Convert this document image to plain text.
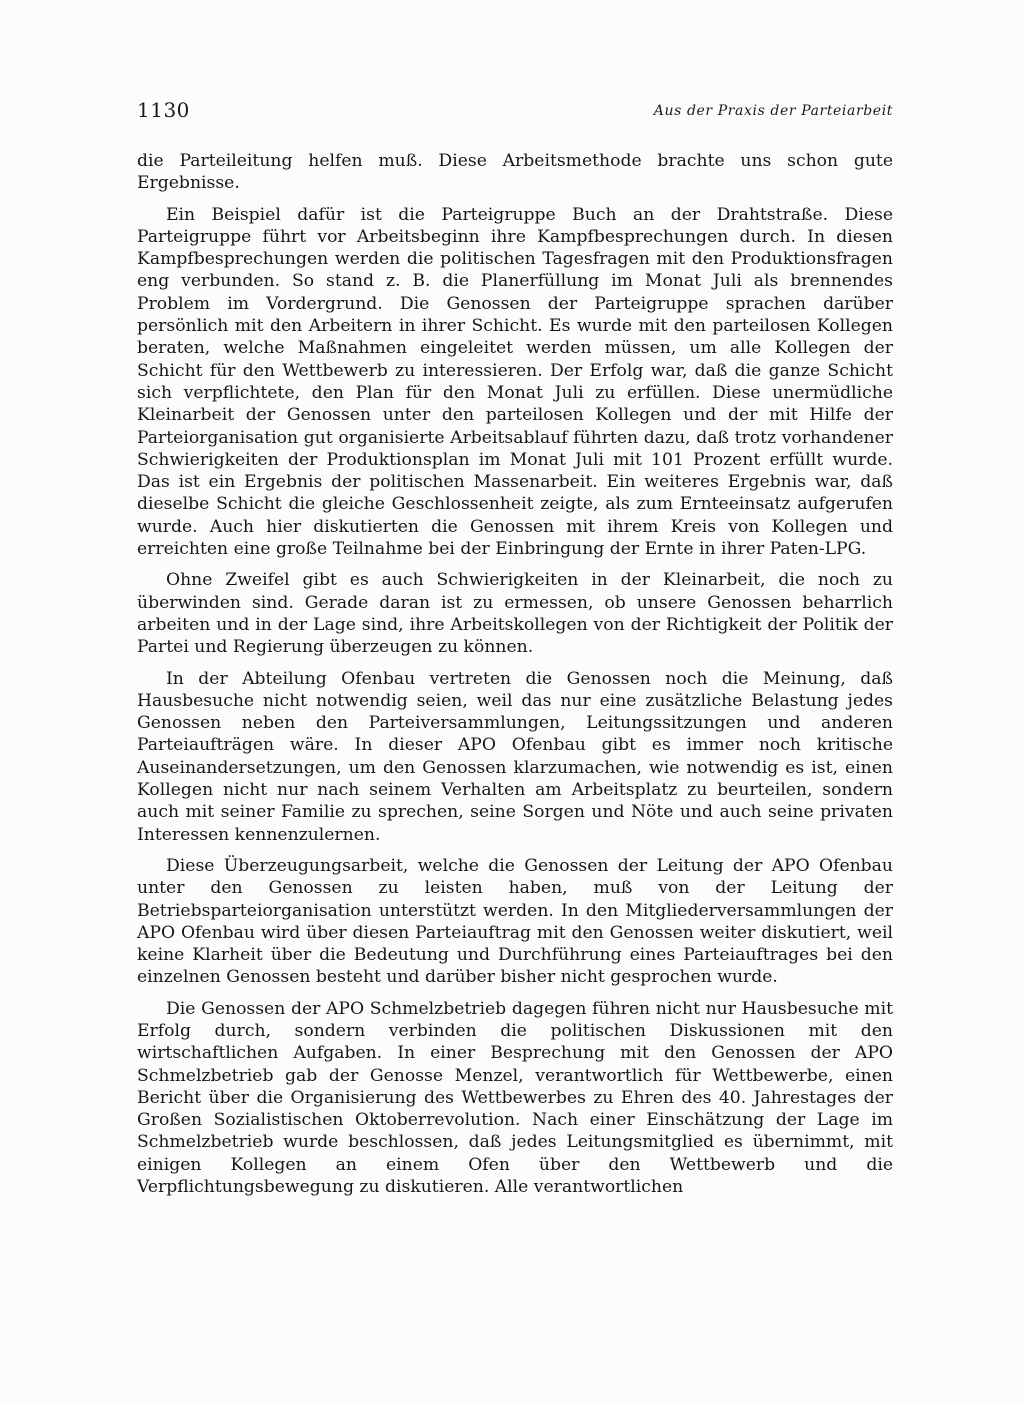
1130	Aus der Praxis der Parteiarbeit

die Parteileitung helfen muß. Diese Arbeitsmethode brachte uns schon gute Ergebnisse.

Ein Beispiel dafür ist die Parteigruppe Buch an der Drahtstraße. Diese Parteigruppe führt vor Arbeitsbeginn ihre Kampfbesprechungen durch. In diesen Kampfbesprechungen werden die politischen Tagesfragen mit den Produktionsfragen eng verbunden. So stand z. B. die Planerfüllung im Monat Juli als brennendes Problem im Vordergrund. Die Genossen der Parteigruppe sprachen darüber persönlich mit den Arbeitern in ihrer Schicht. Es wurde mit den parteilosen Kollegen beraten, welche Maßnahmen eingeleitet werden müssen, um alle Kollegen der Schicht für den Wettbewerb zu interessieren. Der Erfolg war, daß die ganze Schicht sich verpflichtete, den Plan für den Monat Juli zu erfüllen. Diese unermüdliche Kleinarbeit der Genossen unter den parteilosen Kollegen und der mit Hilfe der Parteiorganisation gut organisierte Arbeitsablauf führten dazu, daß trotz vorhandener Schwierigkeiten der Produktionsplan im Monat Juli mit 101 Prozent erfüllt wurde. Das ist ein Ergebnis der politischen Massenarbeit. Ein weiteres Ergebnis war, daß dieselbe Schicht die gleiche Geschlossenheit zeigte, als zum Ernteeinsatz aufgerufen wurde. Auch hier diskutierten die Genossen mit ihrem Kreis von Kollegen und erreichten eine große Teilnahme bei der Einbringung der Ernte in ihrer Paten-LPG.

Ohne Zweifel gibt es auch Schwierigkeiten in der Kleinarbeit, die noch zu überwinden sind. Gerade daran ist zu ermessen, ob unsere Genossen beharrlich arbeiten und in der Lage sind, ihre Arbeitskollegen von der Richtigkeit der Politik der Partei und Regierung überzeugen zu können.

In der Abteilung Ofenbau vertreten die Genossen noch die Meinung, daß Hausbesuche nicht notwendig seien, weil das nur eine zusätzliche Belastung jedes Genossen neben den Parteiversammlungen, Leitungssitzungen und anderen Parteiaufträgen wäre. In dieser APO Ofenbau gibt es immer noch kritische Auseinandersetzungen, um den Genossen klarzumachen, wie notwendig es ist, einen Kollegen nicht nur nach seinem Verhalten am Arbeitsplatz zu beurteilen, sondern auch mit seiner Familie zu sprechen, seine Sorgen und Nöte und auch seine privaten Interessen kennenzulernen.

Diese Überzeugungsarbeit, welche die Genossen der Leitung der APO Ofenbau unter den Genossen zu leisten haben, muß von der Leitung der Betriebsparteiorganisation unterstützt werden. In den Mitgliederversammlungen der APO Ofenbau wird über diesen Parteiauftrag mit den Genossen weiter diskutiert, weil keine Klarheit über die Bedeutung und Durchführung eines Parteiauftrages bei den einzelnen Genossen besteht und darüber bisher nicht gesprochen wurde.

Die Genossen der APO Schmelzbetrieb dagegen führen nicht nur Hausbesuche mit Erfolg durch, sondern verbinden die politischen Diskussionen mit den wirtschaftlichen Aufgaben. In einer Besprechung mit den Genossen der APO Schmelzbetrieb gab der Genosse Menzel, verantwortlich für Wettbewerbe, einen Bericht über die Organisierung des Wettbewerbes zu Ehren des 40. Jahrestages der Großen Sozialistischen Oktoberrevolution. Nach einer Einschätzung der Lage im Schmelzbetrieb wurde beschlossen, daß jedes Leitungsmitglied es übernimmt, mit einigen Kollegen an einem Ofen über den Wettbewerb und die Verpflichtungsbewegung zu diskutieren. Alle verantwortlichen
